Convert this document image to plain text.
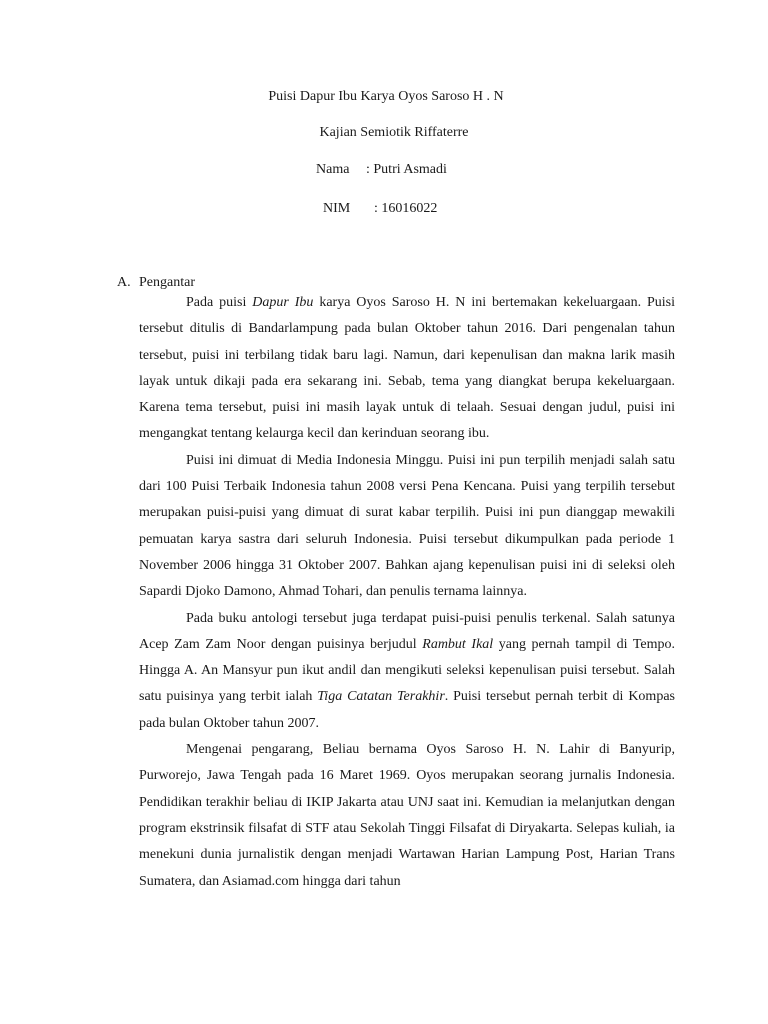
Puisi Dapur Ibu Karya Oyos Saroso H . N
Kajian Semiotik Riffaterre
Nama : Putri Asmadi
NIM : 16016022
A. Pengantar

Pada puisi Dapur Ibu karya Oyos Saroso H. N ini bertemakan kekeluargaan. Puisi tersebut ditulis di Bandarlampung pada bulan Oktober tahun 2016. Dari pengenalan tahun tersebut, puisi ini terbilang tidak baru lagi. Namun, dari kepenulisan dan makna larik masih layak untuk dikaji pada era sekarang ini. Sebab, tema yang diangkat berupa kekeluargaan. Karena tema tersebut, puisi ini masih layak untuk di telaah. Sesuai dengan judul, puisi ini mengangkat tentang kelaurga kecil dan kerinduan seorang ibu.

Puisi ini dimuat di Media Indonesia Minggu. Puisi ini pun terpilih menjadi salah satu dari 100 Puisi Terbaik Indonesia tahun 2008 versi Pena Kencana. Puisi yang terpilih tersebut merupakan puisi-puisi yang dimuat di surat kabar terpilih. Puisi ini pun dianggap mewakili pemuatan karya sastra dari seluruh Indonesia. Puisi tersebut dikumpulkan pada periode 1 November 2006 hingga 31 Oktober 2007. Bahkan ajang kepenulisan puisi ini di seleksi oleh Sapardi Djoko Damono, Ahmad Tohari, dan penulis ternama lainnya.

Pada buku antologi tersebut juga terdapat puisi-puisi penulis terkenal. Salah satunya Acep Zam Zam Noor dengan puisinya berjudul Rambut Ikal yang pernah tampil di Tempo. Hingga A. An Mansyur pun ikut andil dan mengikuti seleksi kepenulisan puisi tersebut. Salah satu puisinya yang terbit ialah Tiga Catatan Terakhir. Puisi tersebut pernah terbit di Kompas pada bulan Oktober tahun 2007.

Mengenai pengarang, Beliau bernama Oyos Saroso H. N. Lahir di Banyurip, Purworejo, Jawa Tengah pada 16 Maret 1969. Oyos merupakan seorang jurnalis Indonesia. Pendidikan terakhir beliau di IKIP Jakarta atau UNJ saat ini. Kemudian ia melanjutkan dengan program ekstrinsik filsafat di STF atau Sekolah Tinggi Filsafat di Diryakarta. Selepas kuliah, ia menekuni dunia jurnalistik dengan menjadi Wartawan Harian Lampung Post, Harian Trans Sumatera, dan Asiamad.com hingga dari tahun
